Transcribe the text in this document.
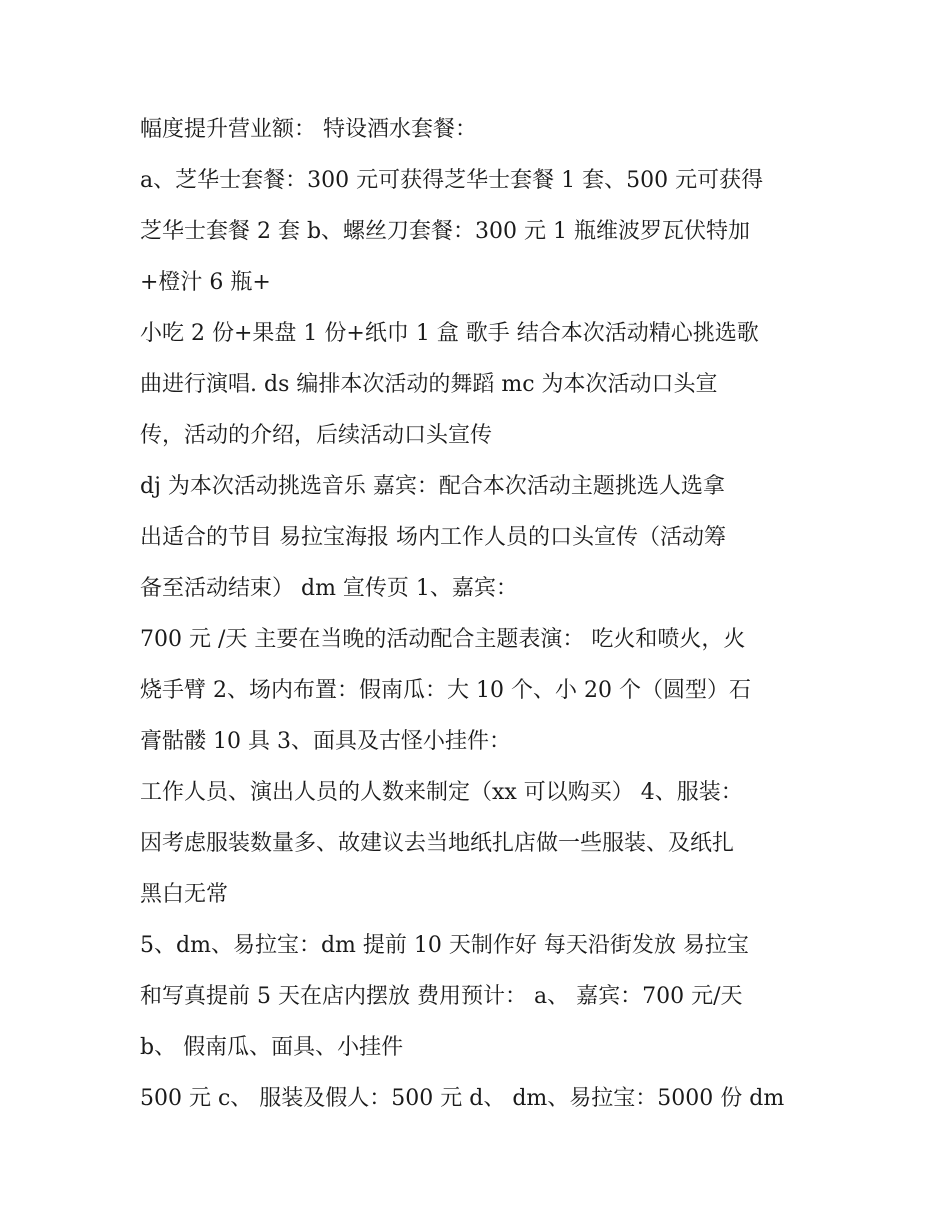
幅度提升营业额： 特设酒水套餐：
a、芝华士套餐：300 元可获得芝华士套餐 1 套、500 元可获得
芝华士套餐 2 套 b、螺丝刀套餐：300 元 1 瓶维波罗瓦伏特加
+橙汁 6 瓶+
小吃 2 份+果盘 1 份+纸巾 1 盒 歌手 结合本次活动精心挑选歌
曲进行演唱. ds 编排本次活动的舞蹈 mc 为本次活动口头宣
传，活动的介绍，后续活动口头宣传
dj 为本次活动挑选音乐 嘉宾：配合本次活动主题挑选人选拿
出适合的节目 易拉宝海报 场内工作人员的口头宣传（活动筹
备至活动结束） dm 宣传页 1、嘉宾：
700 元 /天 主要在当晚的活动配合主题表演： 吃火和喷火，火
烧手臂 2、场内布置：假南瓜：大 10 个、小 20 个（圆型）石
膏骷髅 10 具 3、面具及古怪小挂件：
工作人员、演出人员的人数来制定（xx 可以购买） 4、服装：
因考虑服装数量多、故建议去当地纸扎店做一些服装、及纸扎
黑白无常
5、dm、易拉宝：dm 提前 10 天制作好 每天沿街发放 易拉宝
和写真提前 5 天在店内摆放 费用预计： a、 嘉宾：700 元/天
b、 假南瓜、面具、小挂件
500 元 c、 服装及假人：500 元 d、 dm、易拉宝：5000 份 dm
